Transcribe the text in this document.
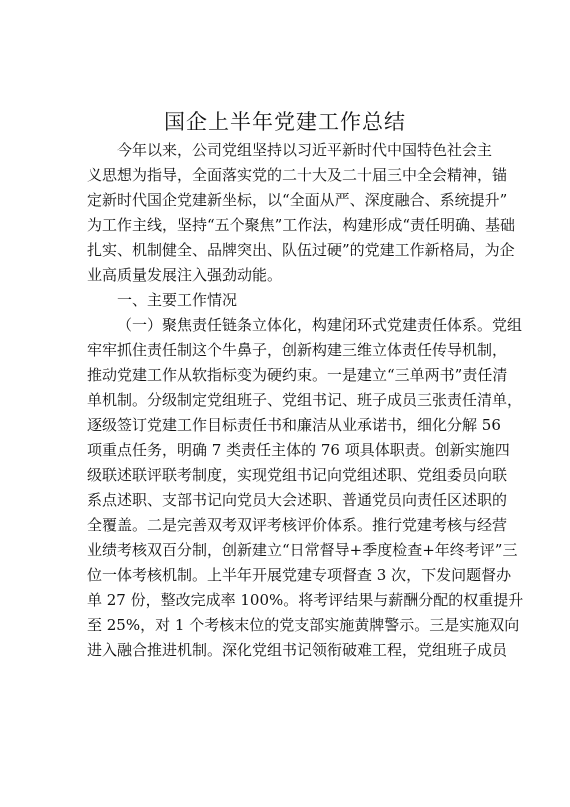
国企上半年党建工作总结
今年以来，公司党组坚持以习近平新时代中国特色社会主
义思想为指导，全面落实党的二十大及二十届三中全会精神，锚
定新时代国企党建新坐标，以“全面从严、深度融合、系统提升”
为工作主线，坚持“五个聚焦”工作法，构建形成“责任明确、基础
扎实、机制健全、品牌突出、队伍过硬”的党建工作新格局，为企
业高质量发展注入强劲动能。
一、主要工作情况
（一）聚焦责任链条立体化，构建闭环式党建责任体系。党组
牢牢抓住责任制这个牛鼻子，创新构建三维立体责任传导机制，
推动党建工作从软指标变为硬约束。一是建立“三单两书”责任清
单机制。分级制定党组班子、党组书记、班子成员三张责任清单，
逐级签订党建工作目标责任书和廉洁从业承诺书，细化分解 56
项重点任务，明确 7 类责任主体的 76 项具体职责。创新实施四
级联述联评联考制度，实现党组书记向党组述职、党组委员向联
系点述职、支部书记向党员大会述职、普通党员向责任区述职的
全覆盖。二是完善双考双评考核评价体系。推行党建考核与经营
业绩考核双百分制，创新建立“日常督导+季度检查+年终考评”三
位一体考核机制。上半年开展党建专项督查 3 次，下发问题督办
单 27 份，整改完成率 100%。将考评结果与薪酬分配的权重提升
至 25%，对 1 个考核末位的党支部实施黄牌警示。三是实施双向
进入融合推进机制。深化党组书记领衔破难工程，党组班子成员
